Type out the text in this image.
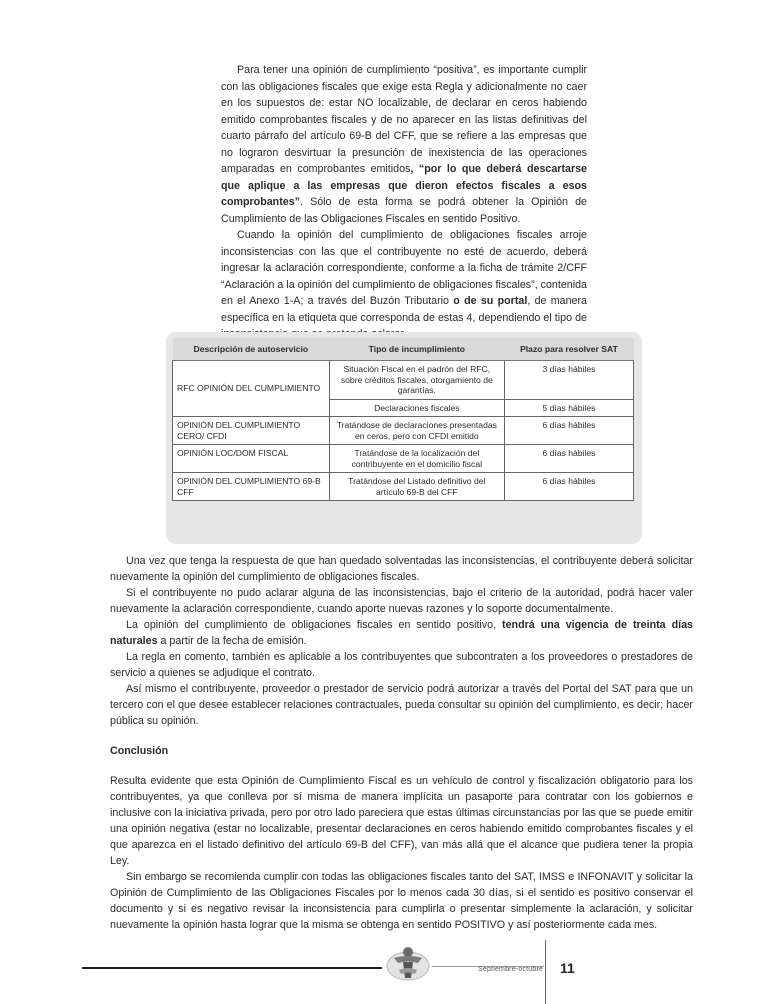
Para tener una opinión de cumplimiento “positiva”, es importante cumplir con las obligaciones fiscales que exige esta Regla y adicionalmente no caer en los supuestos de: estar NO localizable, de declarar en ceros habiendo emitido comprobantes fiscales y de no aparecer en las listas definitivas del cuarto párrafo del artículo 69-B del CFF, que se refiere a las empresas que no lograron desvirtuar la presunción de inexistencia de las operaciones amparadas en comprobantes emitidos, “por lo que deberá descartarse que aplique a las empresas que dieron efectos fiscales a esos comprobantes”. Sólo de esta forma se podrá obtener la Opinión de Cumplimiento de las Obligaciones Fiscales en sentido Positivo.

Cuando la opinión del cumplimiento de obligaciones fiscales arroje inconsistencias con las que el contribuyente no esté de acuerdo, deberá ingresar la aclaración correspondiente, conforme a la ficha de trámite 2/CFF “Aclaración a la opinión del cumplimiento de obligaciones fiscales”, contenida en el Anexo 1-A; a través del Buzón Tributario o de su portal, de manera específica en la etiqueta que corresponda de estas 4, dependiendo el tipo de

Descripción de autoservicio	Tipo de incumplimiento	Plazo para resolver SAT
RFC OPINIÓN DEL CUMPLIMIENTO	Situación Fiscal en el padrón del RFC, sobre créditos fiscales, otorgamiento de garantías.	3 días hábiles
	Declaraciones fiscales	5 días hábiles
OPINIÓN DEL CUMPLIMIENTO CERO/ CFDI	Tratándose de declaraciones presentadas en ceros, pero con CFDI emitido	6 días hábiles
OPINIÓN LOC/DOM FISCAL	Tratándose de la localización del contribuyente en el domicilio fiscal	6 días hábiles
OPINIÓN DEL CUMPLIMIENTO 69-B CFF	Tratándose del Listado definitivo del artículo 69-B del CFF	6 días hábiles

Una vez que tenga la respuesta de que han quedado solventadas las inconsistencias, el contribuyente deberá solicitar nuevamente la opinión del cumplimiento de obligaciones fiscales.

Si el contribuyente no pudo aclarar alguna de las inconsistencias, bajo el criterio de la autoridad, podrá hacer valer nuevamente la aclaración correspondiente, cuando aporte nuevas razones y lo soporte documentalmente.

La opinión del cumplimiento de obligaciones fiscales en sentido positivo, tendrá una vigencia de treinta días naturales a partir de la fecha de emisión.

La regla en comento, también es aplicable a los contribuyentes que subcontraten a los proveedores o prestadores de servicio a quienes se adjudique el contrato.

Así mismo el contribuyente, proveedor o prestador de servicio podrá autorizar a través del Portal del SAT para que un tercero con el que desee establecer relaciones contractuales, pueda consultar su opinión del cumplimiento, es decir; hacer pública su opinión.

Conclusión

Resulta evidente que esta Opinión de Cumplimiento Fiscal es un vehículo de control y fiscalización obligatorio para los contribuyentes, ya que conlleva por sí misma de manera implícita un pasaporte para contratar con los gobiernos e inclusive con la iniciativa privada, pero por otro lado pareciera que estas últimas circunstancias por las que se puede emitir una opinión negativa (estar no localizable, presentar declaraciones en ceros habiendo emitido comprobantes fiscales y el que aparezca en el listado definitivo del artículo 69-B del CFF), van más allá que el alcance que pudiera tener la propia Ley.

Sin embargo se recomienda cumplir con todas las obligaciones fiscales tanto del SAT, IMSS e INFONAVIT y solicitar la Opinión de Cumplimiento de las Obligaciones Fiscales por lo menos cada 30 días, si el sentido es positivo conservar el documento y si es negativo revisar la inconsistencia para cumplirla o presentar simplemente la aclaración, y solicitar nuevamente la opinión hasta lograr que la misma se obtenga en sentido POSITIVO y así posteriormente cada mes.

Septiembre-octubre 11
